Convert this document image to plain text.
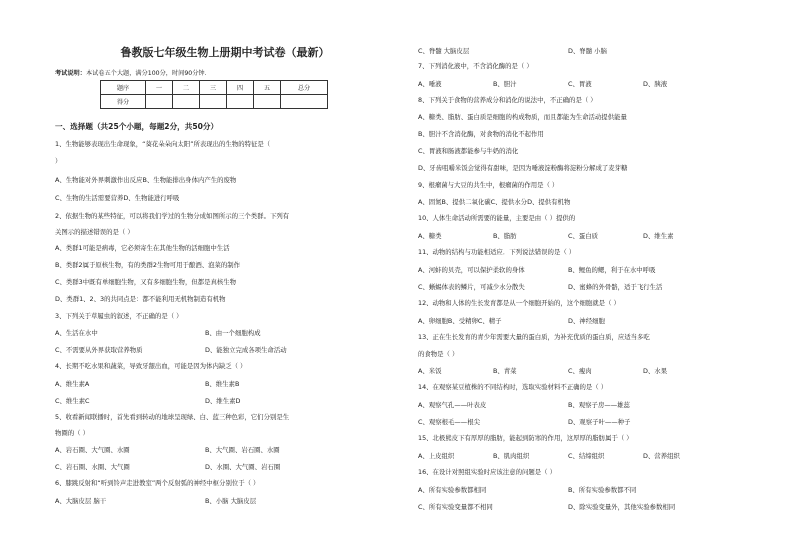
鲁教版七年级生物上册期中考试卷（最新）
考试说明：本试卷五个大题，满分100分，时间90分钟．
题序	一	二	三	四	五	总分
得分						
一、选择题（共25个小题，每题2分，共50分）
1、生物能够表现出生命现象，“葵花朵朵向太阳”所表现出的生物的特征是（
）
A、生物能对外界刺激作出反应B、生物能排出身体内产生的废物
C、生物的生活需要营养D、生物能进行呼吸
2、依据生物的某些特征，可以将我们学过的生物分成如图所示的三个类群。下列有
关图示的描述错误的是（ ）
A、类群1可能是病毒，它必须寄生在其他生物的活细胞中生活
B、类群2属于原核生物，有的类群2生物可用于酿酒、泡菜的制作
C、类群3中既有单细胞生物，又有多细胞生物，但都是真核生物
D、类群1、2、3的共同点是：都不能利用无机物制造有机物
3、下列关于草履虫的叙述，不正确的是（ ）
A、生活在水中	B、由一个细胞构成
C、不需要从外界获取营养物质	D、能独立完成各项生命活动
4、长期不吃水果和蔬菜，导致牙龈出血，可能是因为体内缺乏（ ）
A、维生素A	B、维生素B
C、维生素C	D、维生素D
5、收看新闻联播时，首先看到转动的地球呈现绿、白、蓝三种色彩，它们分别是生
物圈的（ ）
A、岩石圈、大气圈、水圈	B、大气圈、岩石圈、水圈
C、岩石圈、水圈、大气圈	D、水圈、大气圈、岩石圈
6、膝跳反射和“听到铃声走进教室”两个反射弧的神经中枢分别位于（ ）
A、大脑皮层 脑干	B、小脑 大脑皮层
C、脊髓 大脑皮层	D、脊髓 小脑
7、下列消化液中，不含消化酶的是（ ）
A、唾液	B、胆汁	C、胃液	D、胰液
8、下列关于食物的营养成分和消化的说法中，不正确的是（ ）
A、糖类、脂肪、蛋白质是细胞的构成物质，而且都能为生命活动提供能量
B、胆汁不含消化酶，对食物的消化不起作用
C、胃液和肠液都能参与牛奶的消化
D、牙齿咀嚼米饭会觉得有甜味，是因为唾液淀粉酶将淀粉分解成了麦芽糖
9、根瘤菌与大豆的共生中，根瘤菌的作用是（ ）
A、固氮B、提供二氧化碳C、提供水分D、提供有机物
10、人体生命活动所需要的能量，主要是由（ ）提供的
A、糖类	B、脂肪	C、蛋白质	D、维生素
11、动物的结构与功能相适应．下列说法错误的是（ ）
A、河蚌的贝壳，可以保护柔软的身体	B、鲤鱼的鳃，利于在水中呼吸
C、蜥蜴体表的鳞片，可减少水分散失	D、蜜蜂的外骨骼，适于飞行生活
12、动物和人体的生长发育都是从一个细胞开始的，这个细胞就是（ ）
A、卵细胞B、受精卵C、精子	D、神经细胞
13、正在生长发育的青少年需要大量的蛋白质，为补充优质的蛋白质，应适当多吃
的食物是（ ）
A、米饭	B、青菜	C、瘦肉	D、水果
14、在观察某豆植株的不同结构时，选取实验材料不正确的是（ ）
A、观察气孔——叶表皮	B、观察子房——雄蕊
C、观察根毛——根尖	D、观察子叶——种子
15、北极熊皮下有厚厚的脂肪，能起到防寒的作用，这厚厚的脂肪属于（ ）
A、上皮组织	B、肌肉组织	C、结缔组织	D、营养组织
16、在设计对照组实验时应该注意的问题是（ ）
A、所有实验参数都相同	B、所有实验参数都不同
C、所有实验变量都不相同	D、除实验变量外，其他实验参数相同
